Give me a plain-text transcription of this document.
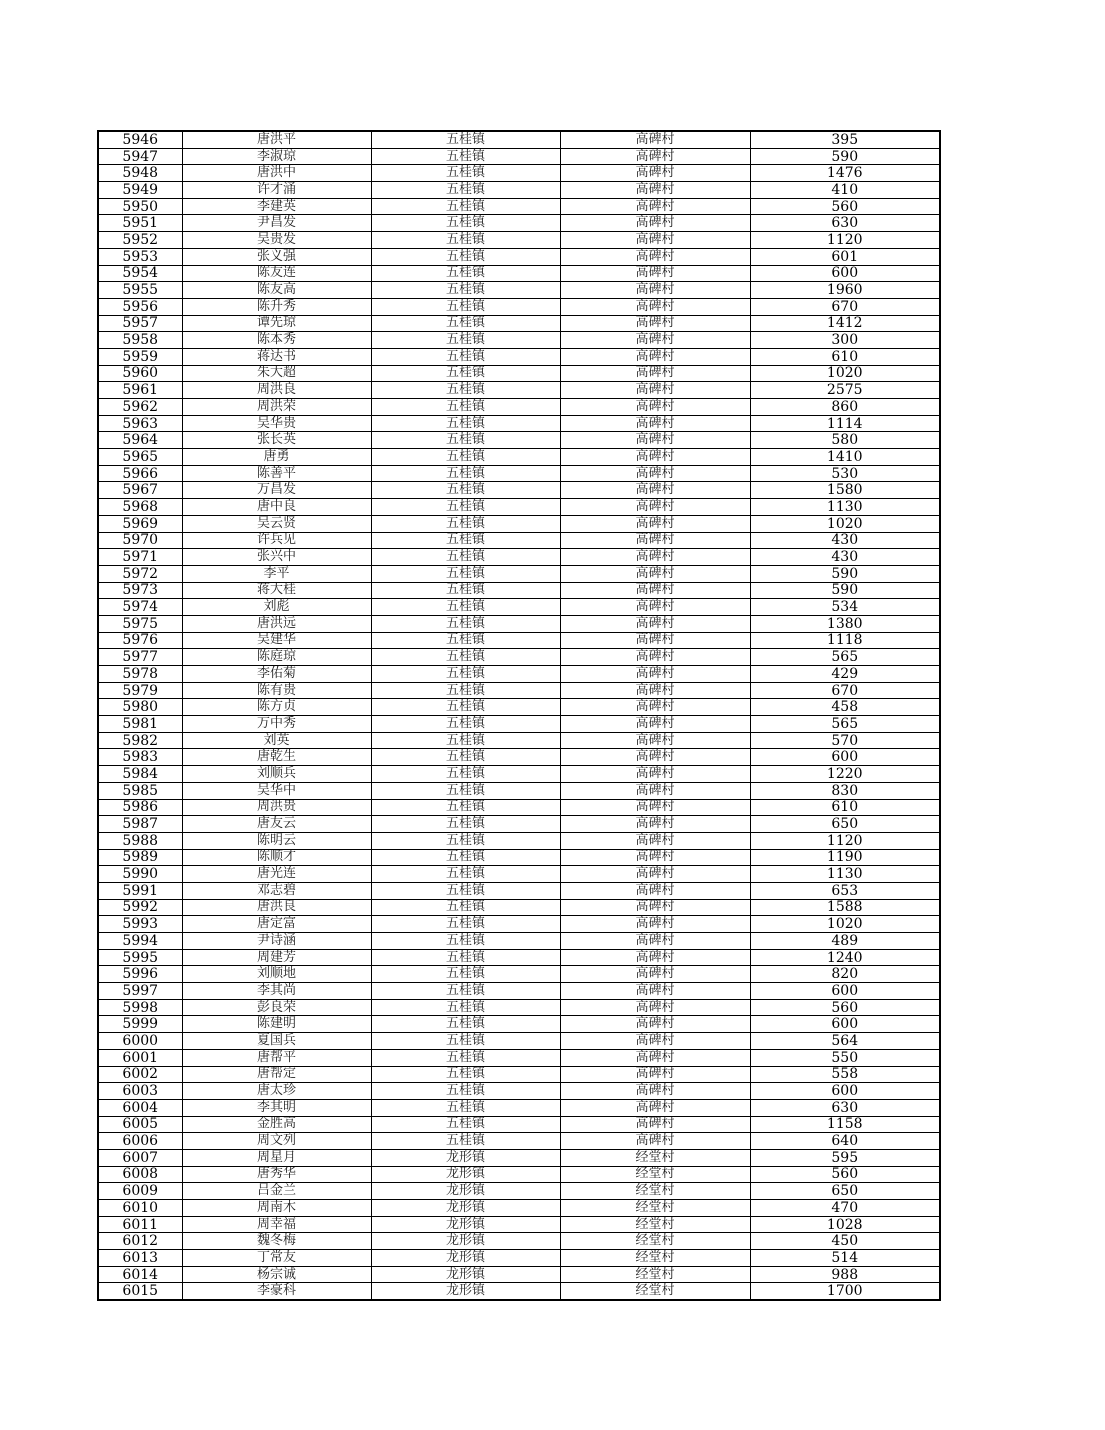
5946	唐洪平	五桂镇	高碑村	395
5947	李淑琼	五桂镇	高碑村	590
5948	唐洪中	五桂镇	高碑村	1476
5949	许才涌	五桂镇	高碑村	410
5950	李建英	五桂镇	高碑村	560
5951	尹昌发	五桂镇	高碑村	630
5952	吴贵发	五桂镇	高碑村	1120
5953	张义强	五桂镇	高碑村	601
5954	陈友连	五桂镇	高碑村	600
5955	陈友高	五桂镇	高碑村	1960
5956	陈升秀	五桂镇	高碑村	670
5957	谭先琼	五桂镇	高碑村	1412
5958	陈本秀	五桂镇	高碑村	300
5959	蒋达书	五桂镇	高碑村	610
5960	朱大超	五桂镇	高碑村	1020
5961	周洪良	五桂镇	高碑村	2575
5962	周洪荣	五桂镇	高碑村	860
5963	吴华贵	五桂镇	高碑村	1114
5964	张长英	五桂镇	高碑村	580
5965	唐勇	五桂镇	高碑村	1410
5966	陈善平	五桂镇	高碑村	530
5967	万昌发	五桂镇	高碑村	1580
5968	唐中良	五桂镇	高碑村	1130
5969	吴云贤	五桂镇	高碑村	1020
5970	许兵见	五桂镇	高碑村	430
5971	张兴中	五桂镇	高碑村	430
5972	李平	五桂镇	高碑村	590
5973	蒋大桂	五桂镇	高碑村	590
5974	刘彪	五桂镇	高碑村	534
5975	唐洪远	五桂镇	高碑村	1380
5976	吴建华	五桂镇	高碑村	1118
5977	陈庭琼	五桂镇	高碑村	565
5978	李佑菊	五桂镇	高碑村	429
5979	陈有贵	五桂镇	高碑村	670
5980	陈方贞	五桂镇	高碑村	458
5981	万中秀	五桂镇	高碑村	565
5982	刘英	五桂镇	高碑村	570
5983	唐乾生	五桂镇	高碑村	600
5984	刘顺兵	五桂镇	高碑村	1220
5985	吴华中	五桂镇	高碑村	830
5986	周洪贵	五桂镇	高碑村	610
5987	唐友云	五桂镇	高碑村	650
5988	陈明云	五桂镇	高碑村	1120
5989	陈顺才	五桂镇	高碑村	1190
5990	唐光连	五桂镇	高碑村	1130
5991	邓志碧	五桂镇	高碑村	653
5992	唐洪良	五桂镇	高碑村	1588
5993	唐定富	五桂镇	高碑村	1020
5994	尹诗涵	五桂镇	高碑村	489
5995	周建芳	五桂镇	高碑村	1240
5996	刘顺地	五桂镇	高碑村	820
5997	李其尚	五桂镇	高碑村	600
5998	彭良荣	五桂镇	高碑村	560
5999	陈建明	五桂镇	高碑村	600
6000	夏国兵	五桂镇	高碑村	564
6001	唐帮平	五桂镇	高碑村	550
6002	唐帮定	五桂镇	高碑村	558
6003	唐太珍	五桂镇	高碑村	600
6004	李其明	五桂镇	高碑村	630
6005	金胜高	五桂镇	高碑村	1158
6006	周文列	五桂镇	高碑村	640
6007	周星月	龙形镇	经堂村	595
6008	唐秀华	龙形镇	经堂村	560
6009	吕金兰	龙形镇	经堂村	650
6010	周南木	龙形镇	经堂村	470
6011	周幸福	龙形镇	经堂村	1028
6012	魏冬梅	龙形镇	经堂村	450
6013	丁常友	龙形镇	经堂村	514
6014	杨宗诚	龙形镇	经堂村	988
6015	李豪科	龙形镇	经堂村	1700
